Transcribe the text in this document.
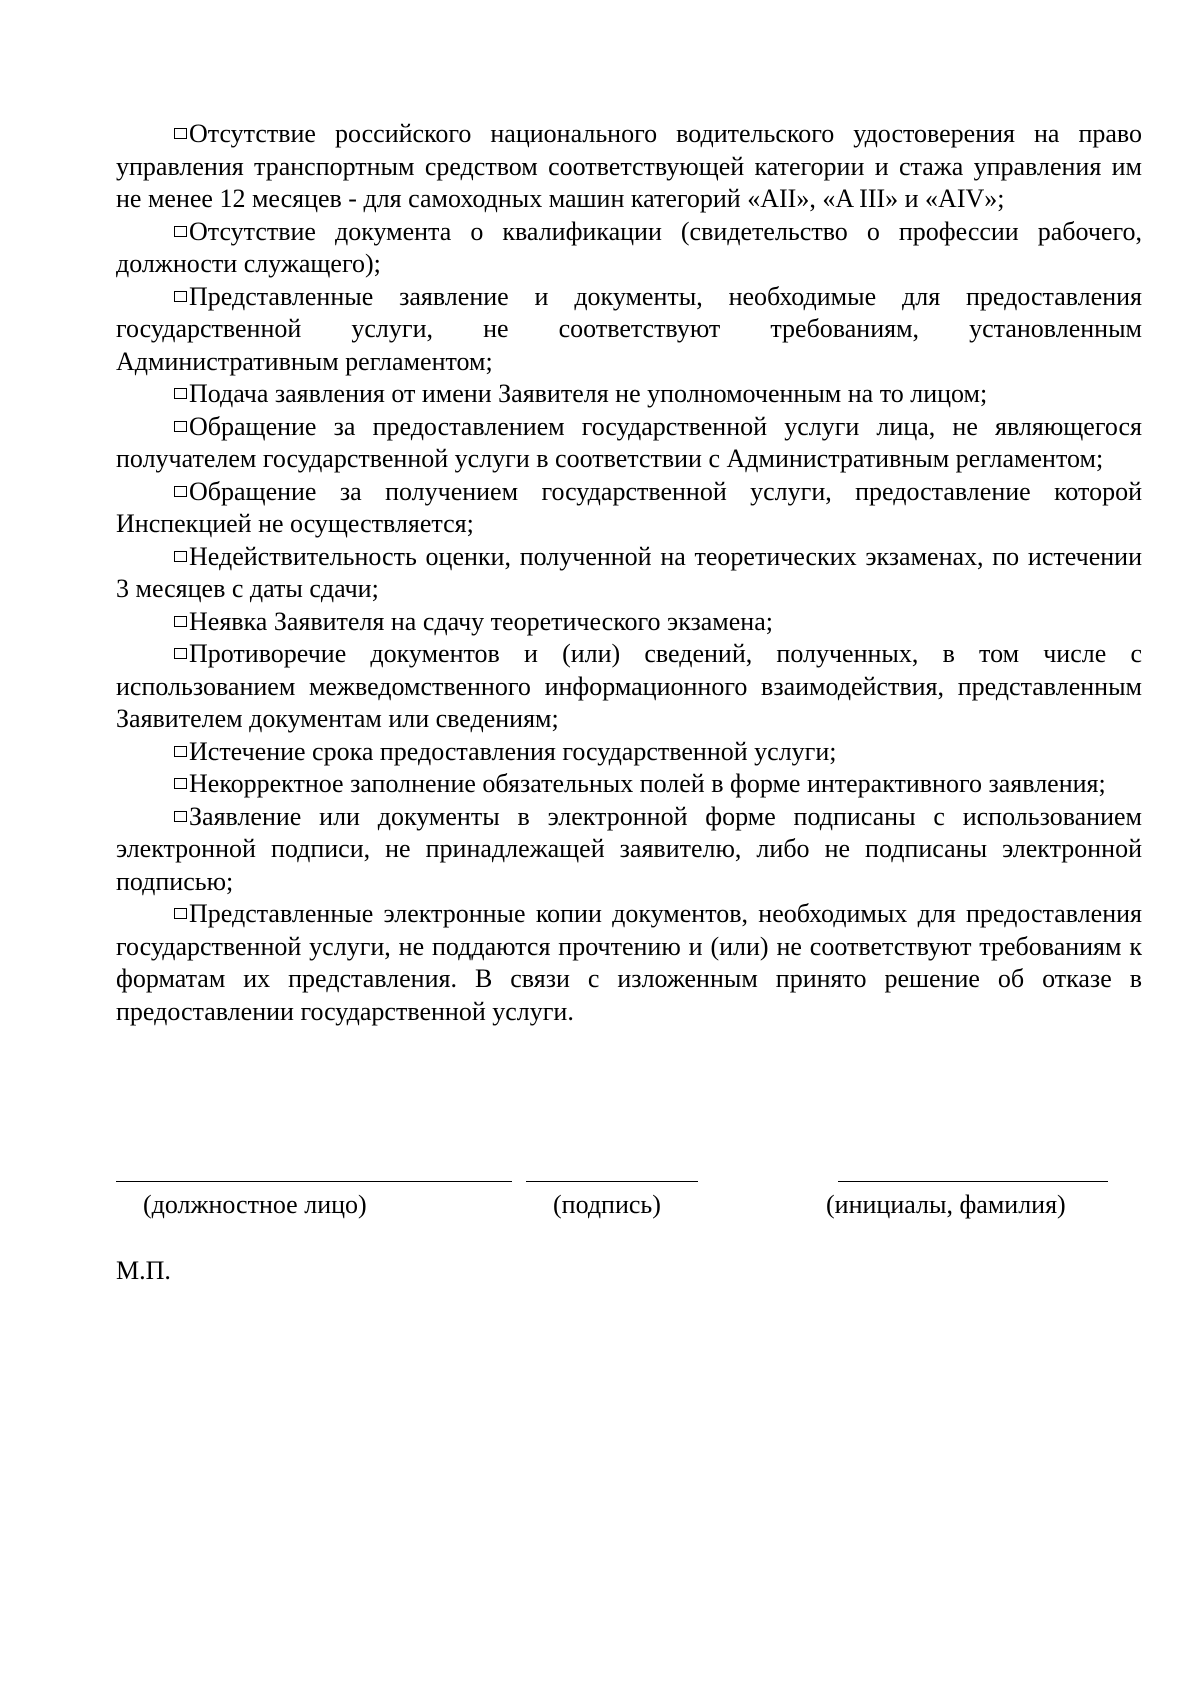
Отсутствие российского национального водительского удостоверения на право управления транспортным средством соответствующей категории и стажа управления им не менее 12 месяцев - для самоходных машин категорий «AII», «A III» и «AIV»;

Отсутствие документа о квалификации (свидетельство о профессии рабочего, должности служащего);

Представленные заявление и документы, необходимые для предоставления государственной услуги, не соответствуют требованиям, установленным Административным регламентом;

Подача заявления от имени Заявителя не уполномоченным на то лицом;

Обращение за предоставлением государственной услуги лица, не являющегося получателем государственной услуги в соответствии с Административным регламентом;

Обращение за получением государственной услуги, предоставление которой Инспекцией не осуществляется;

Недействительность оценки, полученной на теоретических экзаменах, по истечении 3 месяцев с даты сдачи;

Неявка Заявителя на сдачу теоретического экзамена;

Противоречие документов и (или) сведений, полученных, в том числе с использованием межведомственного информационного взаимодействия, представленным Заявителем документам или сведениям;

Истечение срока предоставления государственной услуги;

Некорректное заполнение обязательных полей в форме интерактивного заявления;

Заявление или документы в электронной форме подписаны с использованием электронной подписи, не принадлежащей заявителю, либо не подписаны электронной подписью;

Представленные электронные копии документов, необходимых для предоставления государственной услуги, не поддаются прочтению и (или) не соответствуют требованиям к форматам их представления. В связи с изложенным принято решение об отказе в предоставлении государственной услуги.

(должностное лицо)	(подпись)	(инициалы, фамилия)
М.П.
